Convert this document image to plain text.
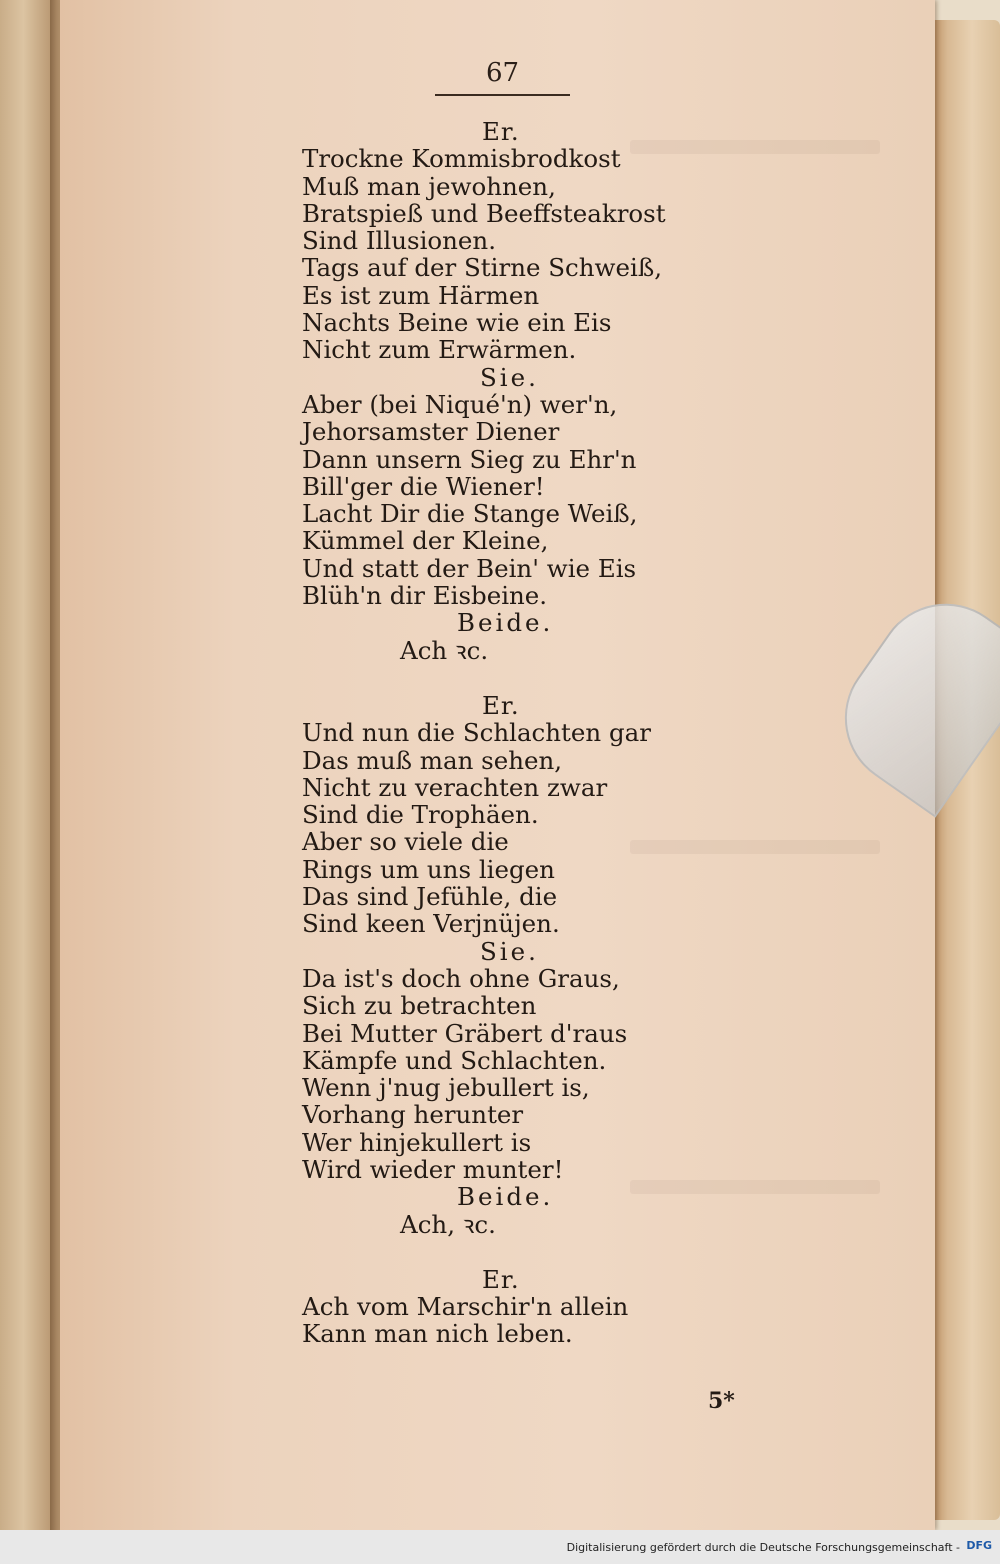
67
Er.
Trockne Kommisbrodkost
Muß man jewohnen,
Bratspieß und Beeffsteakrost
Sind Illusionen.
Tags auf der Stirne Schweiß,
Es ist zum Härmen
Nachts Beine wie ein Eis
Nicht zum Erwärmen.
Sie.
Aber (bei Niqué'n) wer'n,
Jehorsamster Diener
Dann unsern Sieg zu Ehr'n
Bill'ger die Wiener!
Lacht Dir die Stange Weiß,
Kümmel der Kleine,
Und statt der Bein' wie Eis
Blüh'n dir Eisbeine.
Beide.
Ach ꝛc.
Er.
Und nun die Schlachten gar
Das muß man sehen,
Nicht zu verachten zwar
Sind die Trophäen.
Aber so viele die
Rings um uns liegen
Das sind Jefühle, die
Sind keen Verjnüjen.
Sie.
Da ist's doch ohne Graus,
Sich zu betrachten
Bei Mutter Gräbert d'raus
Kämpfe und Schlachten.
Wenn j'nug jebullert is,
Vorhang herunter
Wer hinjekullert is
Wird wieder munter!
Beide.
Ach, ꝛc.
Er.
Ach vom Marschir'n allein
Kann man nich leben.
5*
Digitalisierung gefördert durch die Deutsche Forschungsgemeinschaft - DFG
